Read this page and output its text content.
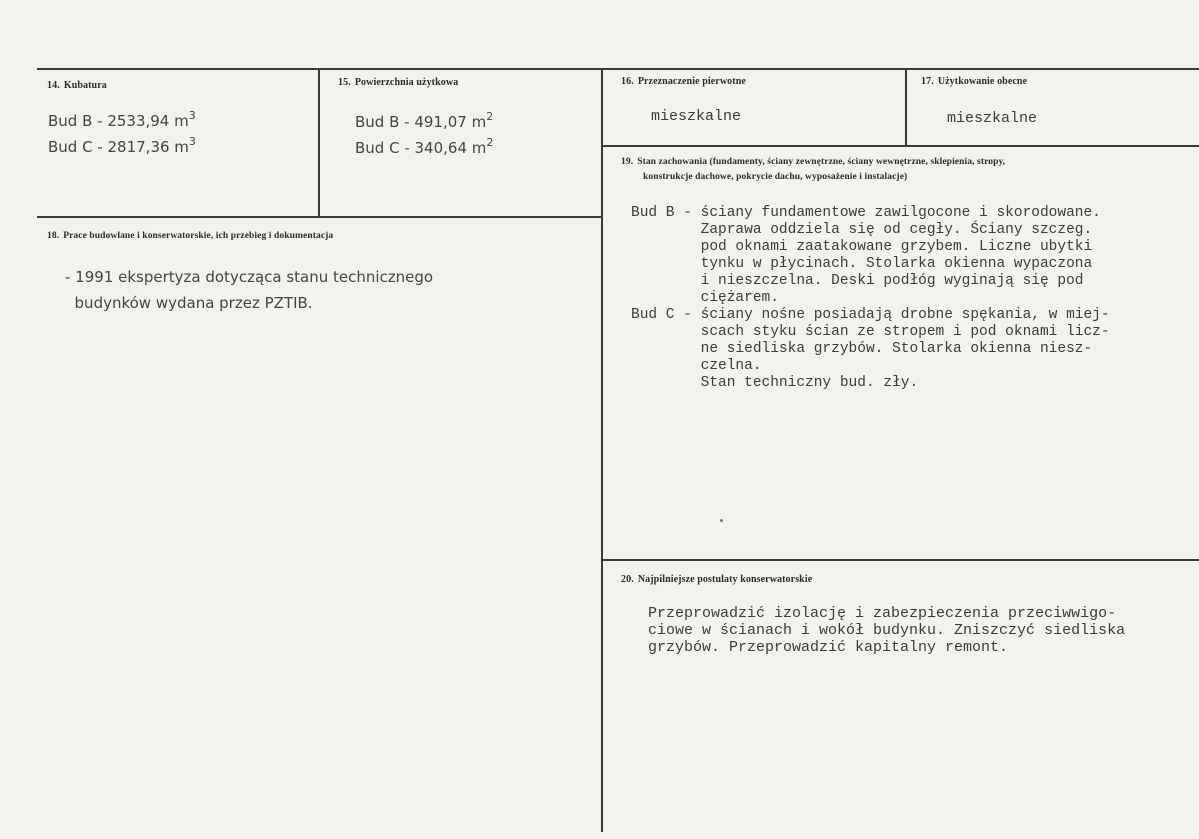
14. Kubatura
Bud B - 2533,94 $m^3$
Bud C - 2817,36 $m^3$
15. Powierzchnia użytkowa
Bud B - 491,07 $m^2$
Bud C - 340,64 $m^2$
16. Przeznaczenie pierwotne
mieszkalne
17. Użytkowanie obecne
mieszkalne
18. Prace budowlane i konserwatorskie, ich przebieg i dokumentacja
- 1991 ekspertyza dotycząca stanu technicznego
budynków wydana przez PZTIB.
19. Stan zachowania (fundamenty, ściany zewnętrzne, ściany wewnętrzne, sklepienia, stropy,
konstrukcje dachowe, pokrycie dachu, wyposażenie i instalacje)
Bud B - ściany fundamentowe zawilgocone i skorodowane.
Zaprawa oddziela się od cegły. Ściany szczeg.
pod oknami zaatakowane grzybem. Liczne ubytki
tynku w płycinach. Stolarka okienna wypaczona
i nieszczelna. Deski podłóg wyginają się pod
ciężarem.
Bud C - ściany nośne posiadają drobne spękania, w miej-
scach styku ścian ze stropem i pod oknami licz-
ne siedliska grzybów. Stolarka okienna niesz-
czelna.
Stan techniczny bud. zły.
20. Najpilniejsze postulaty konserwatorskie
Przeprowadzić izolację i zabezpieczenia przeciwwigo-
ciowe w ścianach i wokół budynku. Zniszczyć siedliska
grzybów. Przeprowadzić kapitalny remont.
